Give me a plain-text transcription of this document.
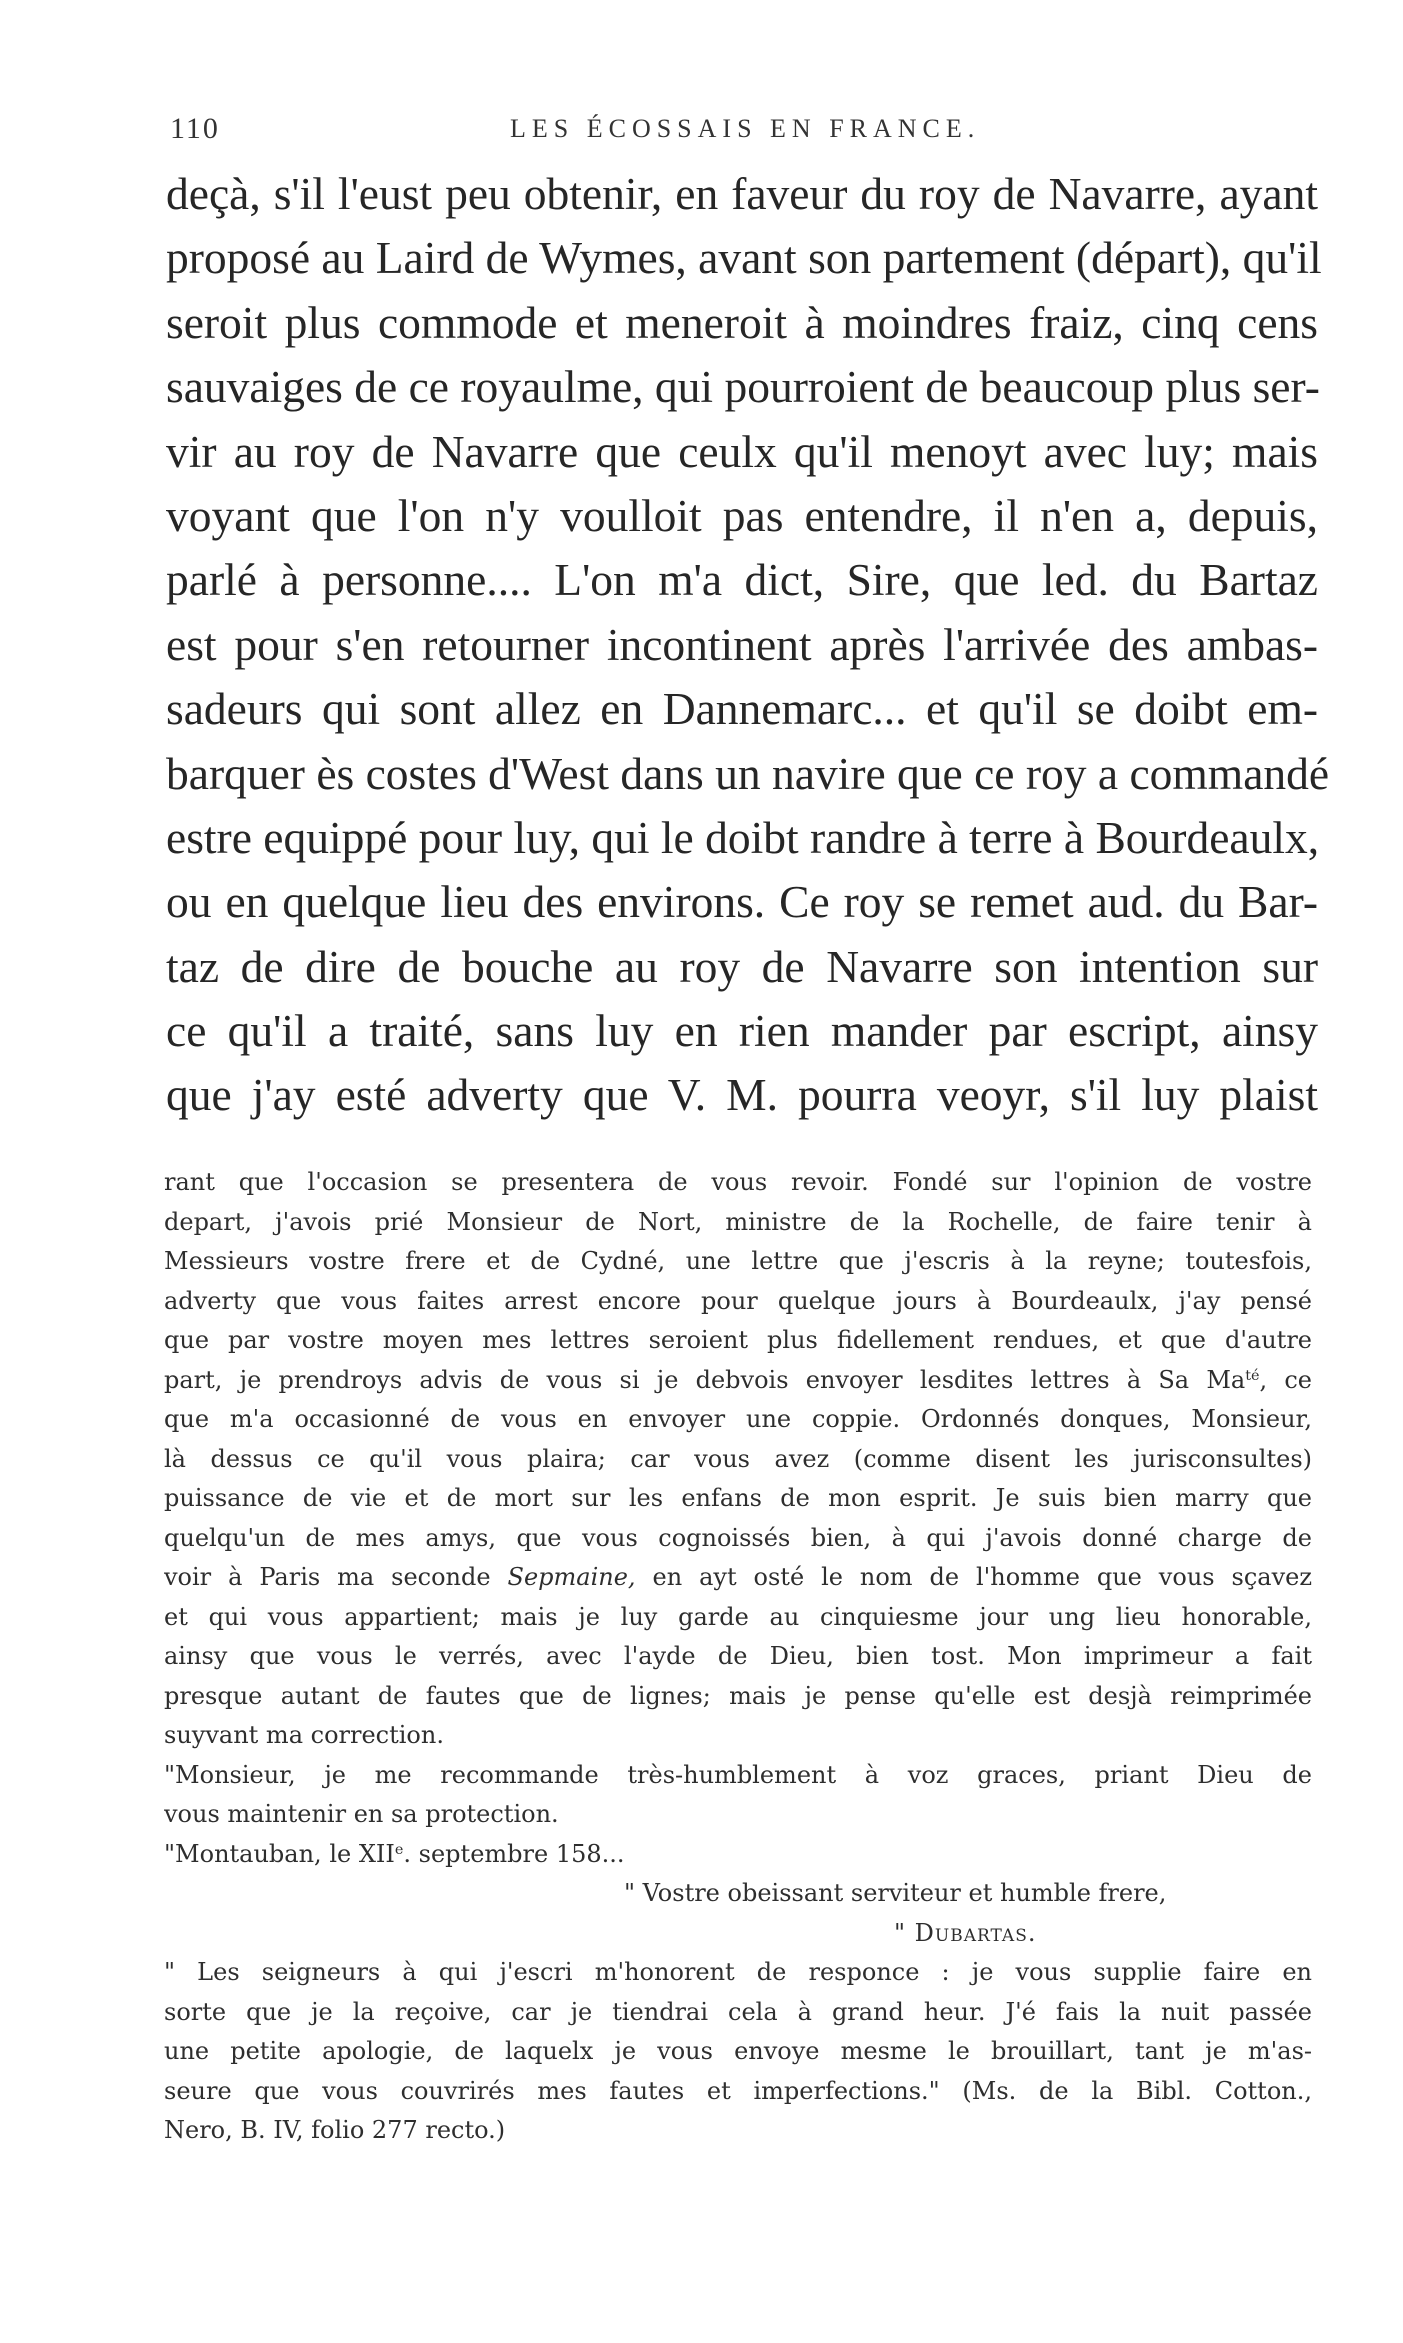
110	LES ÉCOSSAIS EN FRANCE.
deçà, s'il l'eust peu obtenir, en faveur du roy de Navarre, ayant
proposé au Laird de Wymes, avant son partement (départ), qu'il
seroit plus commode et meneroit à moindres fraiz, cinq cens
sauvaiges de ce royaulme, qui pourroient de beaucoup plus ser-
vir au roy de Navarre que ceulx qu'il menoyt avec luy; mais
voyant que l'on n'y voulloit pas entendre, il n'en a, depuis,
parlé à personne.... L'on m'a dict, Sire, que led. du Bartaz
est pour s'en retourner incontinent après l'arrivée des ambas-
sadeurs qui sont allez en Dannemarc... et qu'il se doibt em-
barquer ès costes d'West dans un navire que ce roy a commandé
estre equippé pour luy, qui le doibt randre à terre à Bourdeaulx,
ou en quelque lieu des environs. Ce roy se remet aud. du Bar-
taz de dire de bouche au roy de Navarre son intention sur
ce qu'il a traité, sans luy en rien mander par escript, ainsy
que j'ay esté adverty que V. M. pourra veoyr, s'il luy plaist
rant que l'occasion se presentera de vous revoir. Fondé sur l'opinion de vostre
depart, j'avois prié Monsieur de Nort, ministre de la Rochelle, de faire tenir à
Messieurs vostre frere et de Cydné, une lettre que j'escris à la reyne; toutesfois,
adverty que vous faites arrest encore pour quelque jours à Bourdeaulx, j'ay pensé
que par vostre moyen mes lettres seroient plus fidellement rendues, et que d'autre
part, je prendroys advis de vous si je debvois envoyer lesdites lettres à Sa $Ma^{té}$, ce
que m'a occasionné de vous en envoyer une coppie. Ordonnés donques, Monsieur,
là dessus ce qu'il vous plaira; car vous avez (comme disent les jurisconsultes)
puissance de vie et de mort sur les enfans de mon esprit. Je suis bien marry que
quelqu'un de mes amys, que vous cognoissés bien, à qui j'avois donné charge de
voir à Paris ma seconde Sepmaine, en ayt osté le nom de l'homme que vous sçavez
et qui vous appartient; mais je luy garde au cinquiesme jour ung lieu honorable,
ainsy que vous le verrés, avec l'ayde de Dieu, bien tost. Mon imprimeur a fait
presque autant de fautes que de lignes; mais je pense qu'elle est desjà reimprimée
suyvant ma correction.
"Monsieur, je me recommande très-humblement à voz graces, priant Dieu de
vous maintenir en sa protection.
"Montauban, le XIIe. septembre 158...
" Vostre obeissant serviteur et humble frere,
" Dubartas.
" Les seigneurs à qui j'escri m'honorent de responce : je vous supplie faire en
sorte que je la reçoive, car je tiendrai cela à grand heur. J'é fais la nuit passée
une petite apologie, de laquelx je vous envoye mesme le brouillart, tant je m'as-
seure que vous couvrirés mes fautes et imperfections." (Ms. de la Bibl. Cotton.,
Nero, B. IV, folio 277 recto.)
